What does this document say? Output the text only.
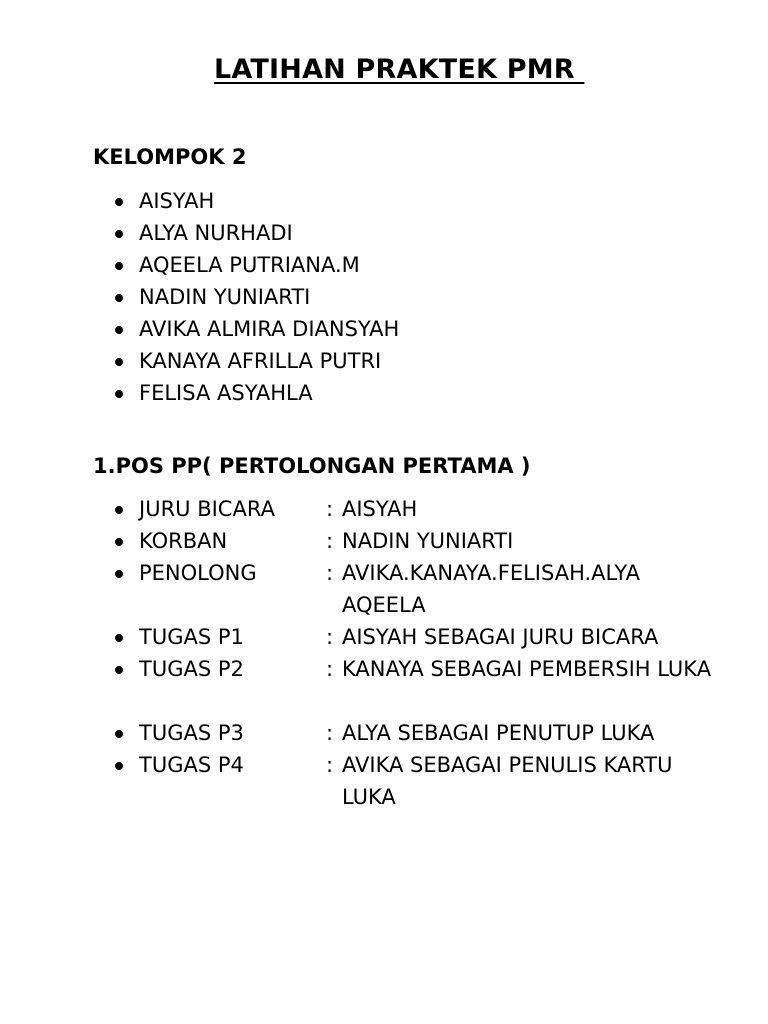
LATIHAN PRAKTEK PMR
KELOMPOK 2
AISYAH
ALYA NURHADI
AQEELA PUTRIANA.M
NADIN YUNIARTI
AVIKA ALMIRA DIANSYAH
KANAYA AFRILLA PUTRI
FELISA ASYAHLA
1.POS PP( PERTOLONGAN PERTAMA )
JURU BICARA : AISYAH
KORBAN	: NADIN YUNIARTI
PENOLONG	: AVIKA.KANAYA.FELISAH.ALYA AQEELA
TUGAS P1	: AISYAH SEBAGAI JURU BICARA
TUGAS P2	: KANAYA SEBAGAI PEMBERSIH LUKA
TUGAS P3	: ALYA SEBAGAI PENUTUP LUKA
TUGAS P4	: AVIKA SEBAGAI PENULIS KARTU LUKA
